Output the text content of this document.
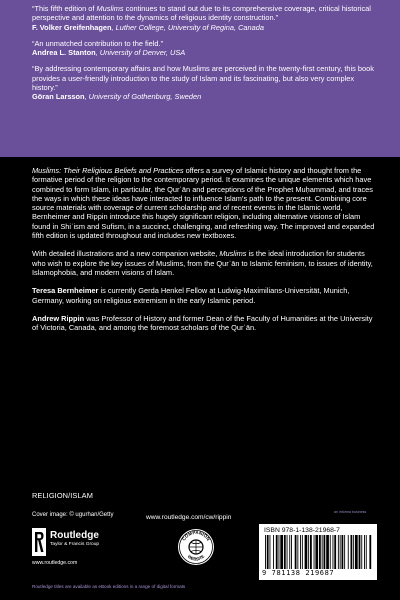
“This fifth edition of Muslims continues to stand out due to its comprehensive coverage, critical historical perspective and attention to the dynamics of religious identity construction.”
F. Volker Greifenhagen, Luther College, University of Regina, Canada
“An unmatched contribution to the field.”
Andrea L. Stanton, University of Denver, USA
“By addressing contemporary affairs and how Muslims are perceived in the twenty-first century, this book provides a user-friendly introduction to the study of Islam and its fascinating, but also very complex history.”
Göran Larsson, University of Gothenburg, Sweden

Muslims: Their Religious Beliefs and Practices offers a survey of Islamic history and thought from the formative period of the religion to the contemporary period. It examines the unique elements which have combined to form Islam, in particular, the Qurʾān and perceptions of the Prophet Muḥammad, and traces the ways in which these ideas have interacted to influence Islam’s path to the present. Combining core source materials with coverage of current scholarship and of recent events in the Islamic world, Bernheimer and Rippin introduce this hugely significant religion, including alternative visions of Islam found in Shiʿism and Sufism, in a succinct, challenging, and refreshing way. The improved and expanded fifth edition is updated throughout and includes new textboxes.

With detailed illustrations and a new companion website, Muslims is the ideal introduction for students who wish to explore the key issues of Muslims, from the Qurʾān to Islamic feminism, to issues of identity, Islamophobia, and modern visions of Islam.

Teresa Bernheimer is currently Gerda Henkel Fellow at Ludwig-Maximilians-Universität, Munich, Germany, working on religious extremism in the early Islamic period.

Andrew Rippin was Professor of History and former Dean of the Faculty of Humanities at the University of Victoria, Canada, and among the foremost scholars of the Qurʾān.

RELIGION/ISLAM
Cover image: © ugurhan/Getty	www.routledge.com/cw/rippin
an informa business
Routledge
Taylor & Francis Group
www.routledge.com
COMPANION
WEBSITE
ISBN 978-1-138-21968-7
9 781138 219687
Routledge titles are available as eBook editions in a range of digital formats
